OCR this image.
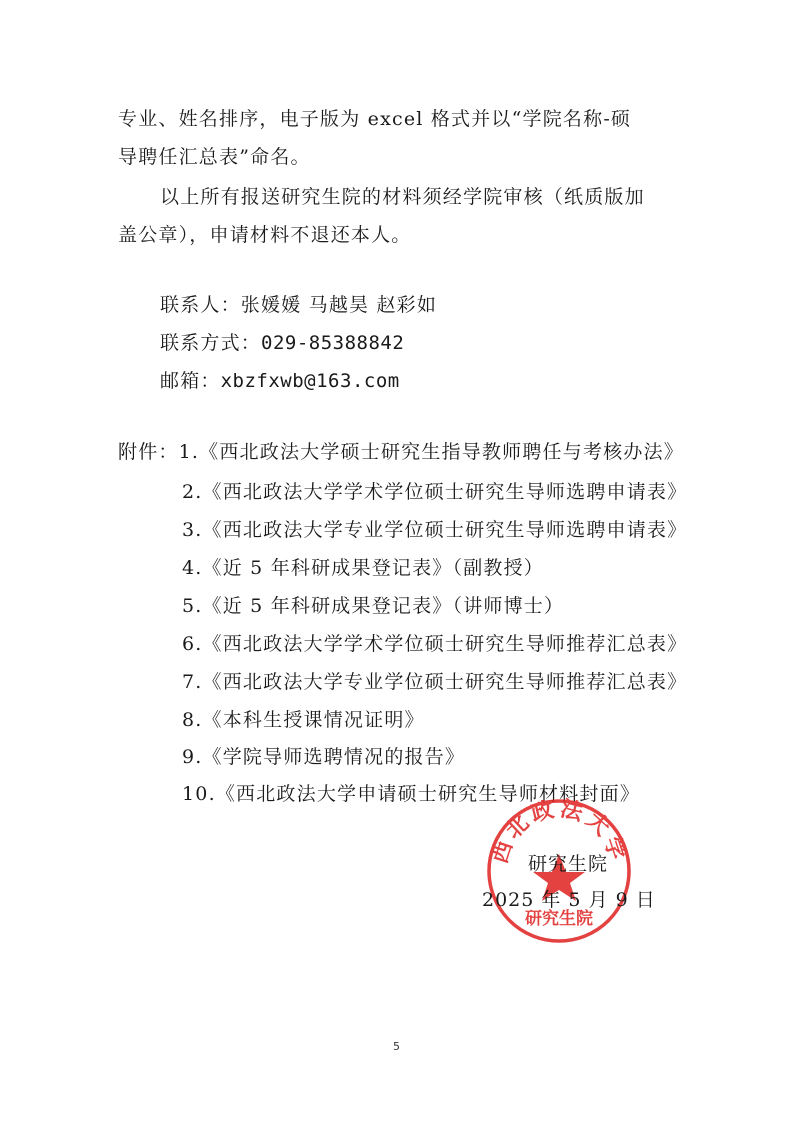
专业、姓名排序，电子版为 excel 格式并以“学院名称-硕
导聘任汇总表”命名。
以上所有报送研究生院的材料须经学院审核（纸质版加
盖公章），申请材料不退还本人。
联系人：张媛媛 马越昊 赵彩如
联系方式：029-85388842
邮箱：xbzfxwb@163.com
附件：1.《西北政法大学硕士研究生指导教师聘任与考核办法》
2.《西北政法大学学术学位硕士研究生导师选聘申请表》
3.《西北政法大学专业学位硕士研究生导师选聘申请表》
4.《近 5 年科研成果登记表》（副教授）
5.《近 5 年科研成果登记表》（讲师博士）
6.《西北政法大学学术学位硕士研究生导师推荐汇总表》
7.《西北政法大学专业学位硕士研究生导师推荐汇总表》
8.《本科生授课情况证明》
9.《学院导师选聘情况的报告》
10.《西北政法大学申请硕士研究生导师材料封面》
西北政法大学
研究生院
研究生院
2025 年 5 月 9 日
5
